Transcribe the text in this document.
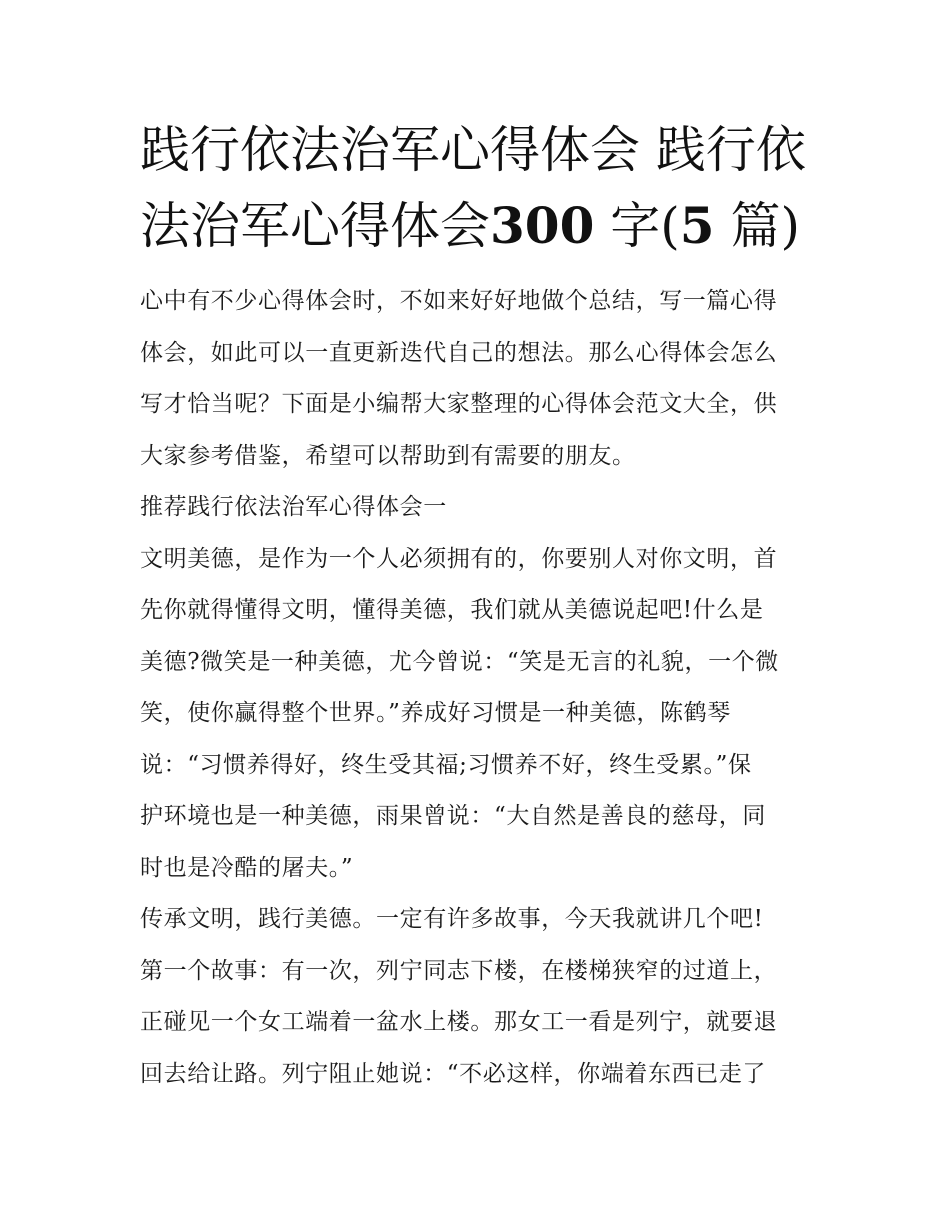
践行依法治军心得体会 践行依法治军心得体会300 字(5 篇)
心中有不少心得体会时，不如来好好地做个总结，写一篇心得
体会，如此可以一直更新迭代自己的想法。那么心得体会怎么
写才恰当呢？下面是小编帮大家整理的心得体会范文大全，供
大家参考借鉴，希望可以帮助到有需要的朋友。
推荐践行依法治军心得体会一
文明美德，是作为一个人必须拥有的，你要别人对你文明，首
先你就得懂得文明，懂得美德，我们就从美德说起吧!什么是
美德?微笑是一种美德，尤今曾说：“笑是无言的礼貌，一个微
笑，使你赢得整个世界。”养成好习惯是一种美德，陈鹤琴
说：“习惯养得好，终生受其福;习惯养不好，终生受累。”保
护环境也是一种美德，雨果曾说：“大自然是善良的慈母，同
时也是冷酷的屠夫。”
传承文明，践行美德。一定有许多故事，今天我就讲几个吧!
第一个故事：有一次，列宁同志下楼，在楼梯狭窄的过道上，
正碰见一个女工端着一盆水上楼。那女工一看是列宁，就要退
回去给让路。列宁阻止她说：“不必这样，你端着东西已走了
